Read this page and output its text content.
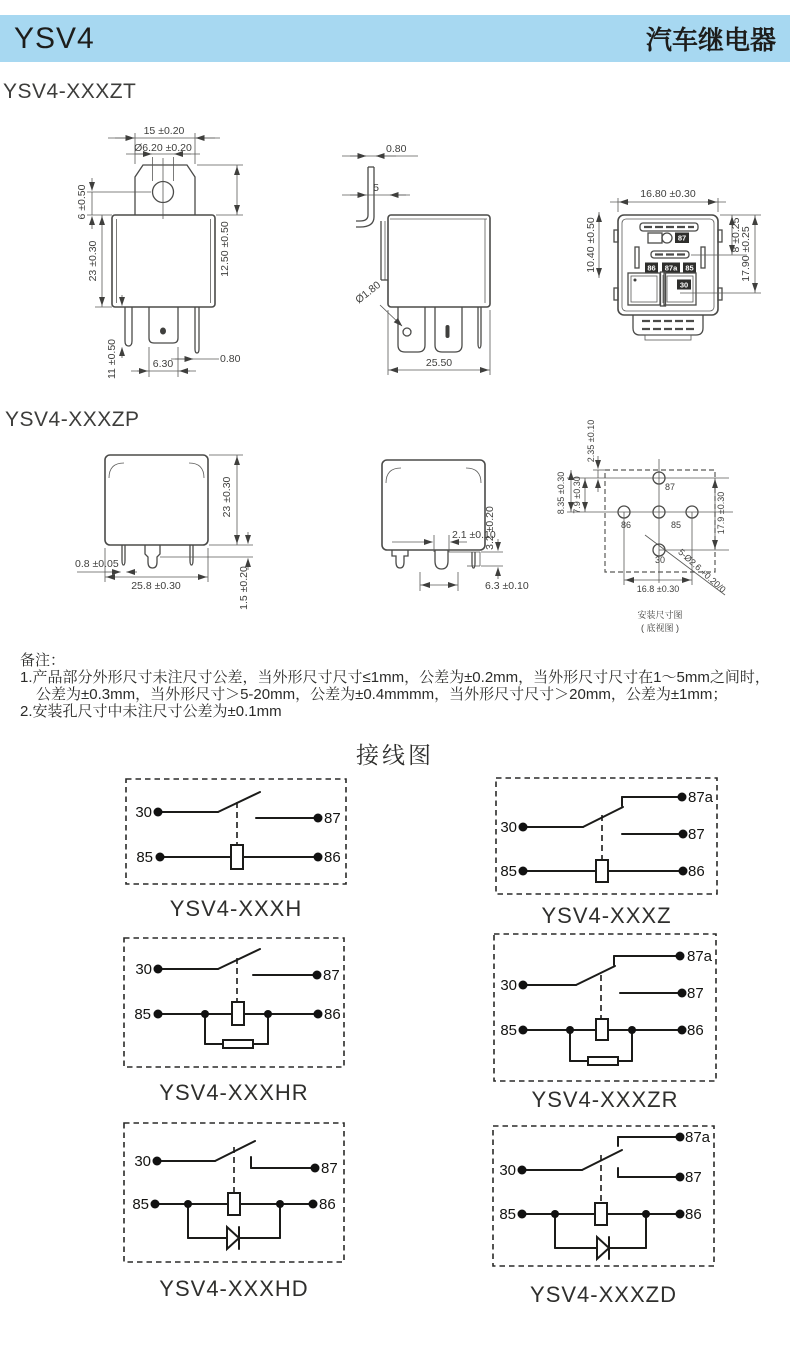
YSV4	汽车继电器
YSV4-XXXZT
15 ±0.20
Ø6.20 ±0.20
12.50 ±0.50
6 ±0.50
23 ±0.30
11 ±0.50	6.30	0.80
0.80
5
Ø1.80
25.50
87
86 87a 85
30
16.80 ±0.30
10.40 ±0.50	8 ±0.25
17.90 ±0.25
YSV4-XXXZP
23 ±0.30
0.8 ±0.05
25.8 ±0.30	1.5 ±0.20
2.1 ±0.10
3.2 ±0.20
6.3 ±0.10
87
86	85
30
2.35 ±0.10
8.35 ±0.30 7.9 ±0.30	17.9 ±0.30
16.8 ±0.30
5-Ø2.6 +0.20/0
安装尺寸图
( 底视图 )
备注：
1.产品部分外形尺寸未注尺寸公差，当外形尺寸尺寸≤1mm，公差为±0.2mm，当外形尺寸尺寸在1～5mm之间时，
公差为±0.3mm，当外形尺寸＞5-20mm，公差为±0.4mmmm，当外形尺寸尺寸＞20mm，公差为±1mm；
2.安装孔尺寸中未注尺寸公差为±0.1mm
接线图
30	87
85	86
YSV4-XXXH
87a
30	87
85	86
YSV4-XXXZ
30	87
85	86
YSV4-XXXHR
87a
30	87
85	86
YSV4-XXXZR
30	87
85	86
YSV4-XXXHD
87a
30	87
85	86
YSV4-XXXZD
